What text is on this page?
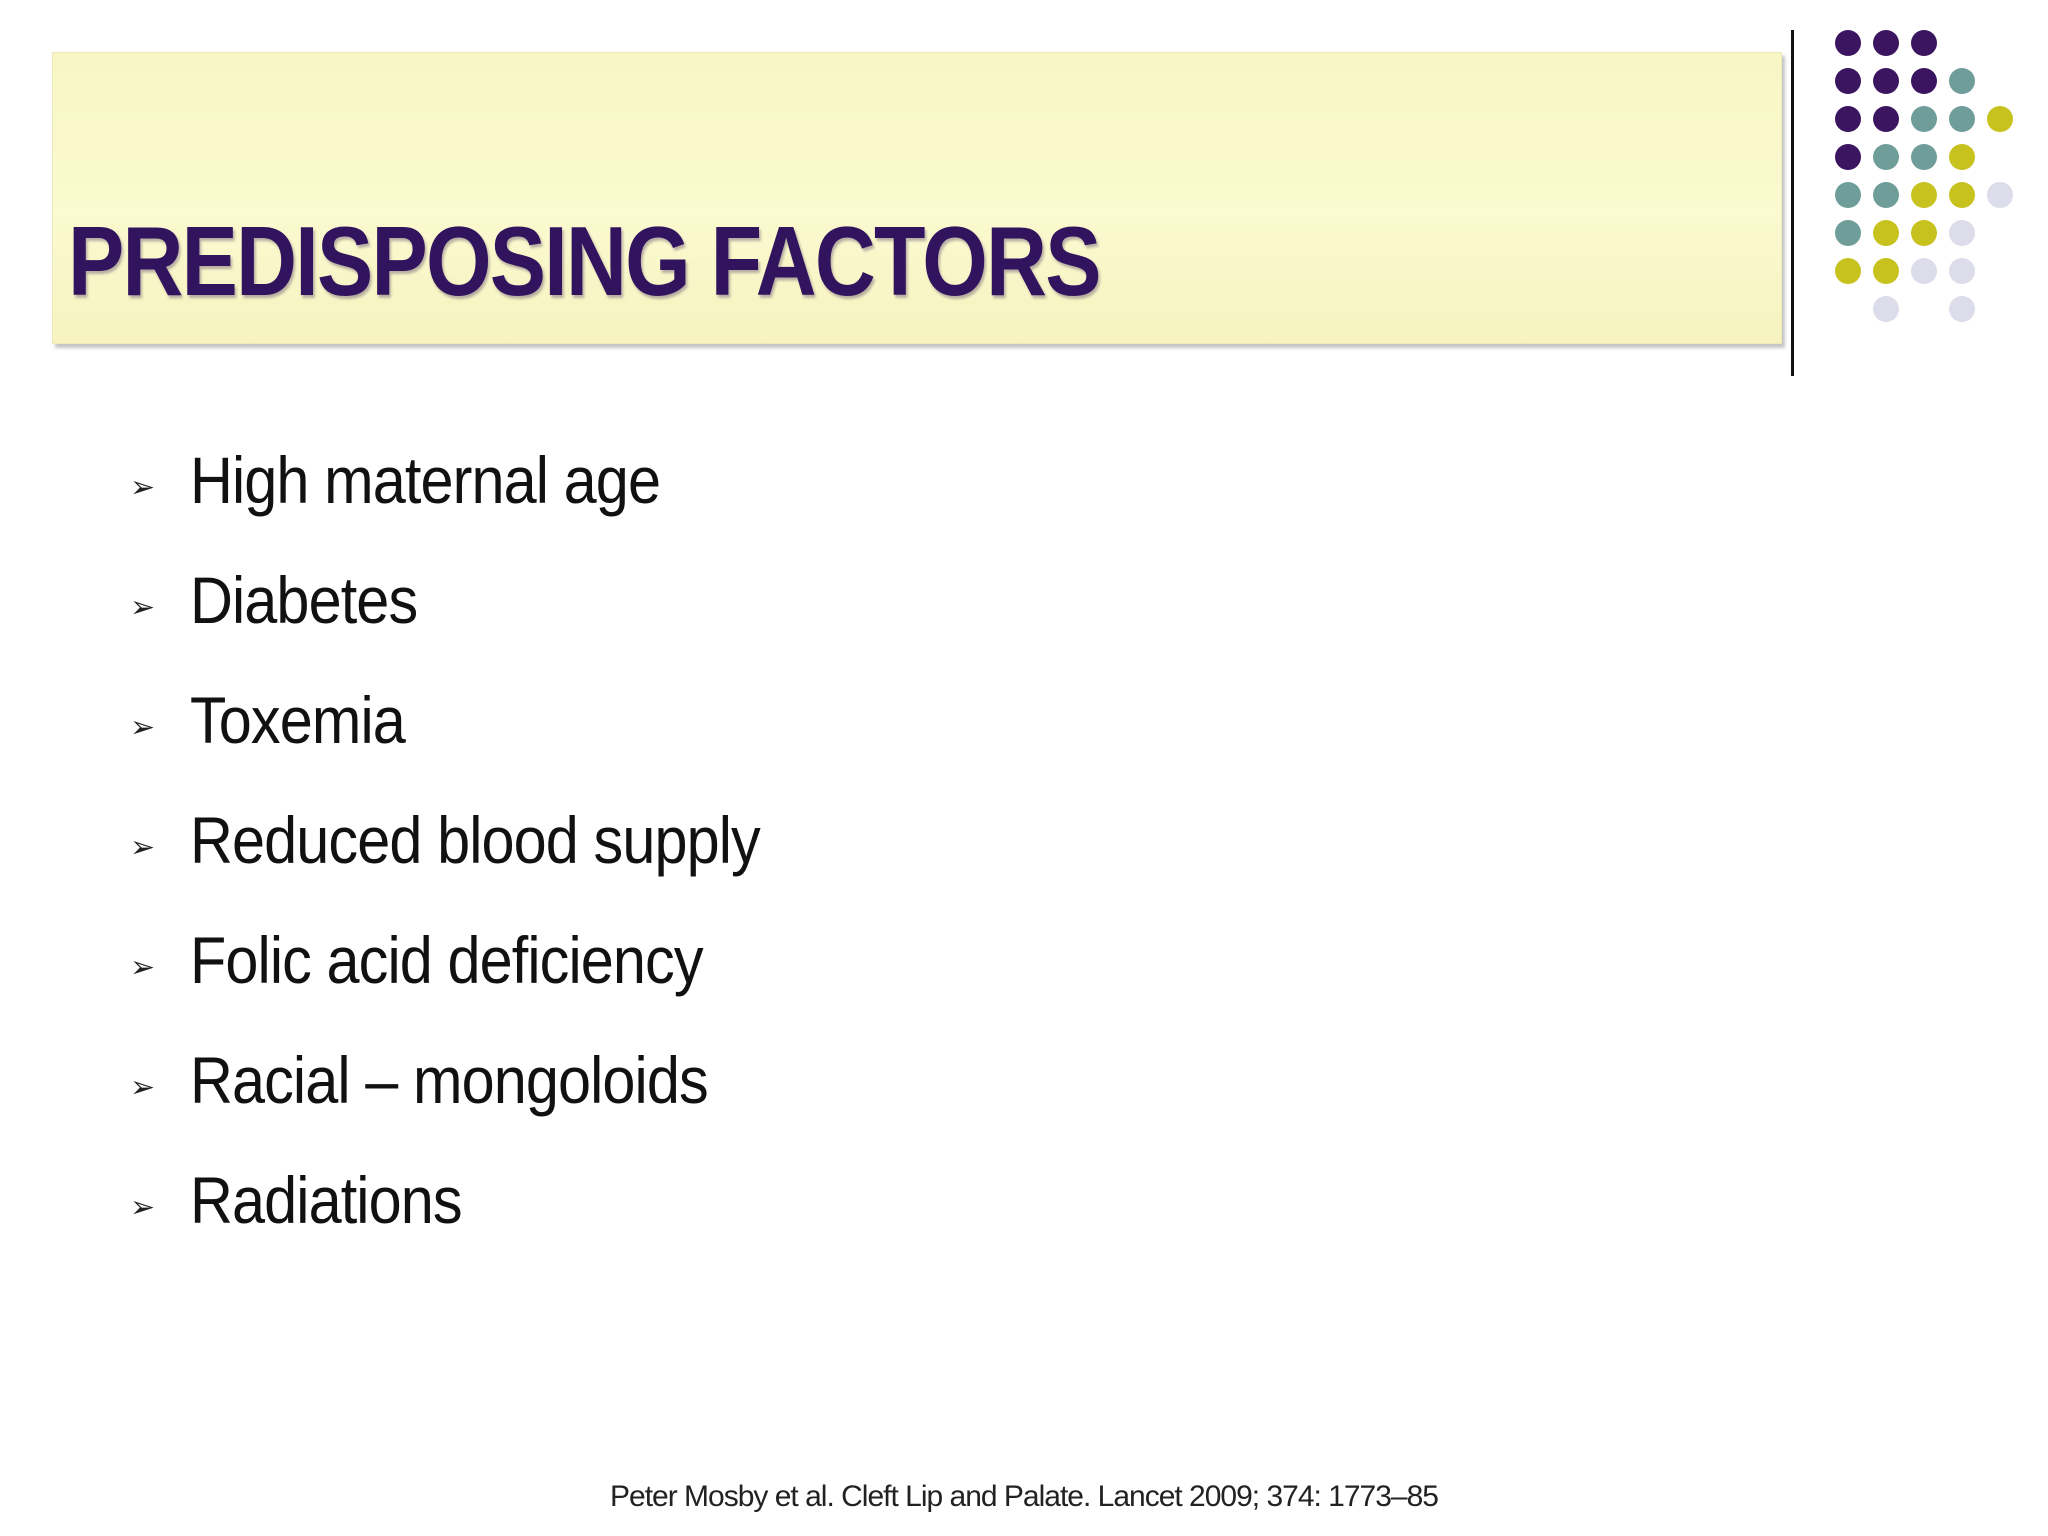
PREDISPOSING FACTORS
➢ High maternal age
➢ Diabetes
➢ Toxemia
➢ Reduced blood supply
➢ Folic acid deficiency
➢ Racial – mongoloids
➢ Radiations
Peter Mosby et al. Cleft Lip and Palate. Lancet 2009; 374: 1773–85
